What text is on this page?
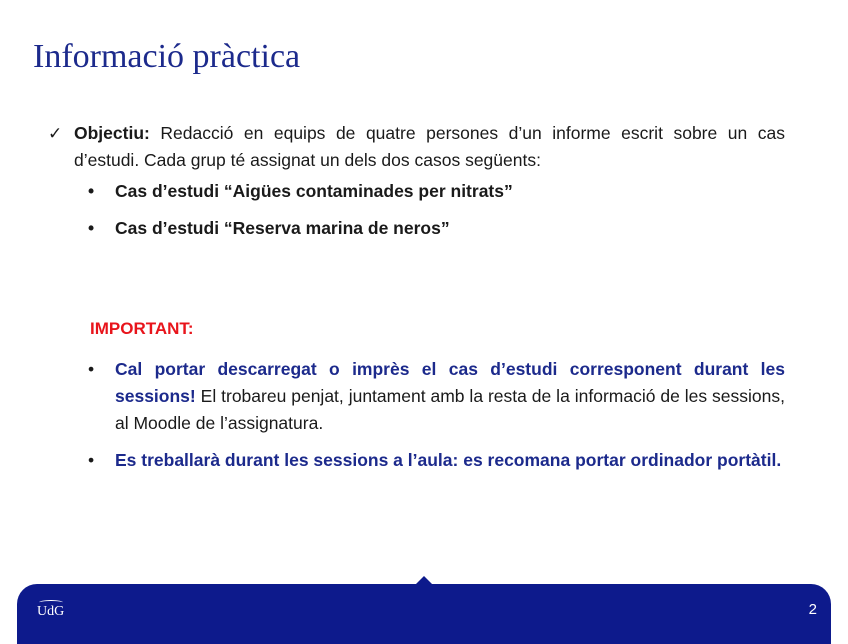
Informació pràctica
✓ Objectiu: Redacció en equips de quatre persones d’un informe escrit sobre un cas d’estudi. Cada grup té assignat un dels dos casos següents:
• Cas d’estudi “Aigües contaminades per nitrats”
• Cas d’estudi “Reserva marina de neros”
IMPORTANT:
• Cal portar descarregat o imprès el cas d’estudi corresponent durant les sessions! El trobareu penjat, juntament amb la resta de la informació de les sessions, al Moodle de l’assignatura.
• Es treballarà durant les sessions a l’aula: es recomana portar ordinador portàtil.
UdG	2
